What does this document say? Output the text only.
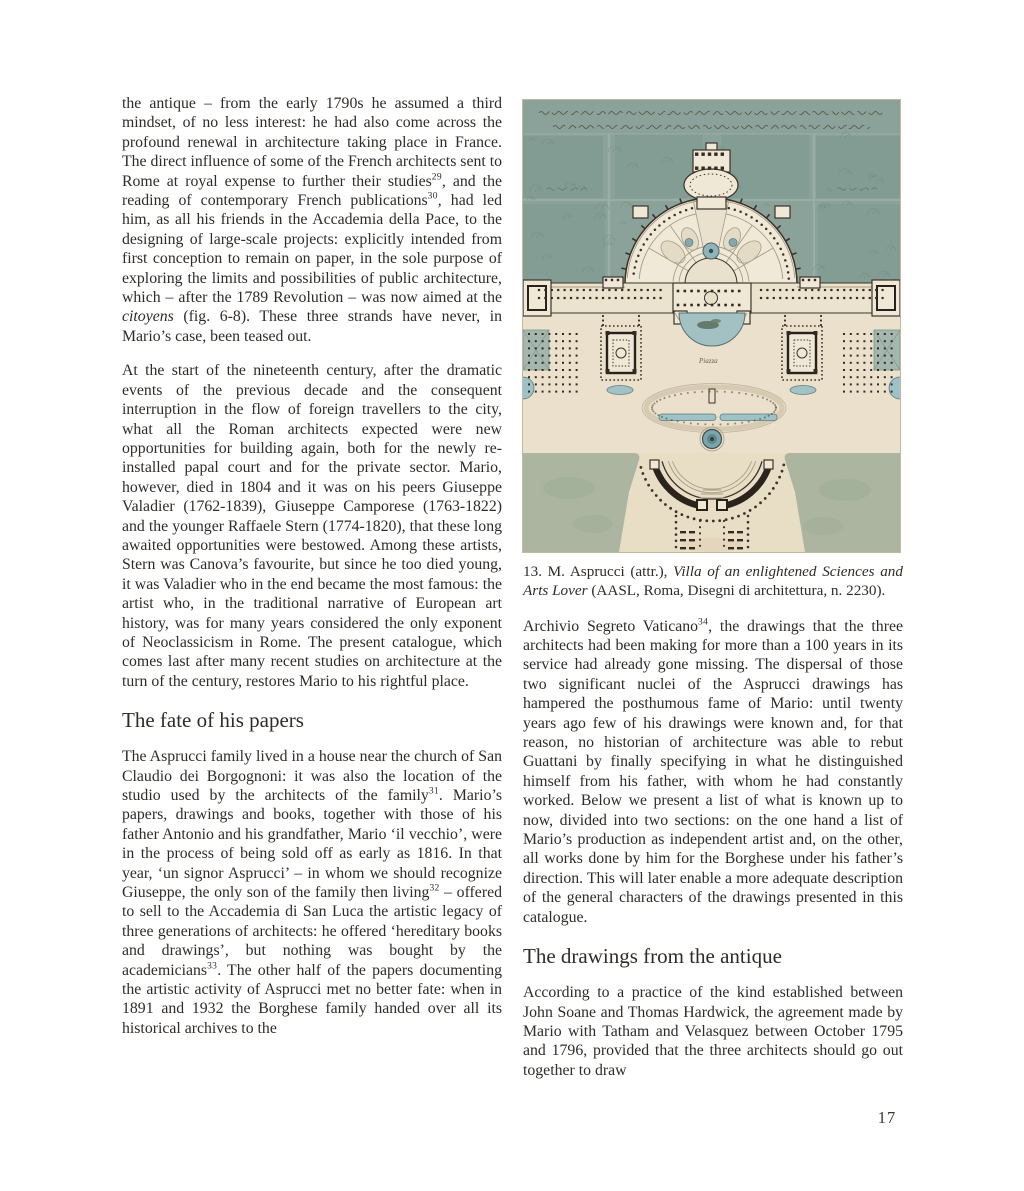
the antique – from the early 1790s he assumed a third mindset, of no less interest: he had also come across the profound renewal in architecture taking place in France. The direct influence of some of the French architects sent to Rome at royal expense to further their studies$^{29}$, and the reading of contemporary French publications$^{30}$, had led him, as all his friends in the Accademia della Pace, to the designing of large-scale projects: explicitly intended from first conception to remain on paper, in the sole purpose of exploring the limits and possibilities of public architecture, which – after the 1789 Revolution – was now aimed at the citoyens (fig. 6-8). These three strands have never, in Mario’s case, been teased out.

At the start of the nineteenth century, after the dramatic events of the previous decade and the consequent interruption in the flow of foreign travellers to the city, what all the Roman architects expected were new opportunities for building again, both for the newly re-installed papal court and for the private sector. Mario, however, died in 1804 and it was on his peers Giuseppe Valadier (1762-1839), Giuseppe Camporese (1763-1822) and the younger Raffaele Stern (1774-1820), that these long awaited opportunities were bestowed. Among these artists, Stern was Canova’s favourite, but since he too died young, it was Valadier who in the end became the most famous: the artist who, in the traditional narrative of European art history, was for many years considered the only exponent of Neoclassicism in Rome. The present catalogue, which comes last after many recent studies on architecture at the turn of the century, restores Mario to his rightful place.

The fate of his papers

The Asprucci family lived in a house near the church of San Claudio dei Borgognoni: it was also the location of the studio used by the architects of the family$^{31}$. Mario’s papers, drawings and books, together with those of his father Antonio and his grandfather, Mario ‘il vecchio’, were in the process of being sold off as early as 1816. In that year, ‘un signor Asprucci’ – in whom we should recognize Giuseppe, the only son of the family then living$^{32}$ – offered to sell to the Accademia di San Luca the artistic legacy of three generations of architects: he offered ‘hereditary books and drawings’, but nothing was bought by the academicians$^{33}$. The other half of the papers documenting the artistic activity of Asprucci met no better fate: when in 1891 and 1932 the Borghese family handed over all its historical archives to the

Piazza
13. M. Asprucci (attr.), Villa of an enlightened Sciences and Arts Lover (AASL, Roma, Disegni di architettura, n. 2230).

Archivio Segreto Vaticano$^{34}$, the drawings that the three architects had been making for more than a 100 years in its service had already gone missing. The dispersal of those two significant nuclei of the Asprucci drawings has hampered the posthumous fame of Mario: until twenty years ago few of his drawings were known and, for that reason, no historian of architecture was able to rebut Guattani by finally specifying in what he distinguished himself from his father, with whom he had constantly worked. Below we present a list of what is known up to now, divided into two sections: on the one hand a list of Mario’s production as independent artist and, on the other, all works done by him for the Borghese under his father’s direction. This will later enable a more adequate description of the general characters of the drawings presented in this catalogue.

The drawings from the antique

According to a practice of the kind established between John Soane and Thomas Hardwick, the agreement made by Mario with Tatham and Velasquez between October 1795 and 1796, provided that the three architects should go out together to draw

17
